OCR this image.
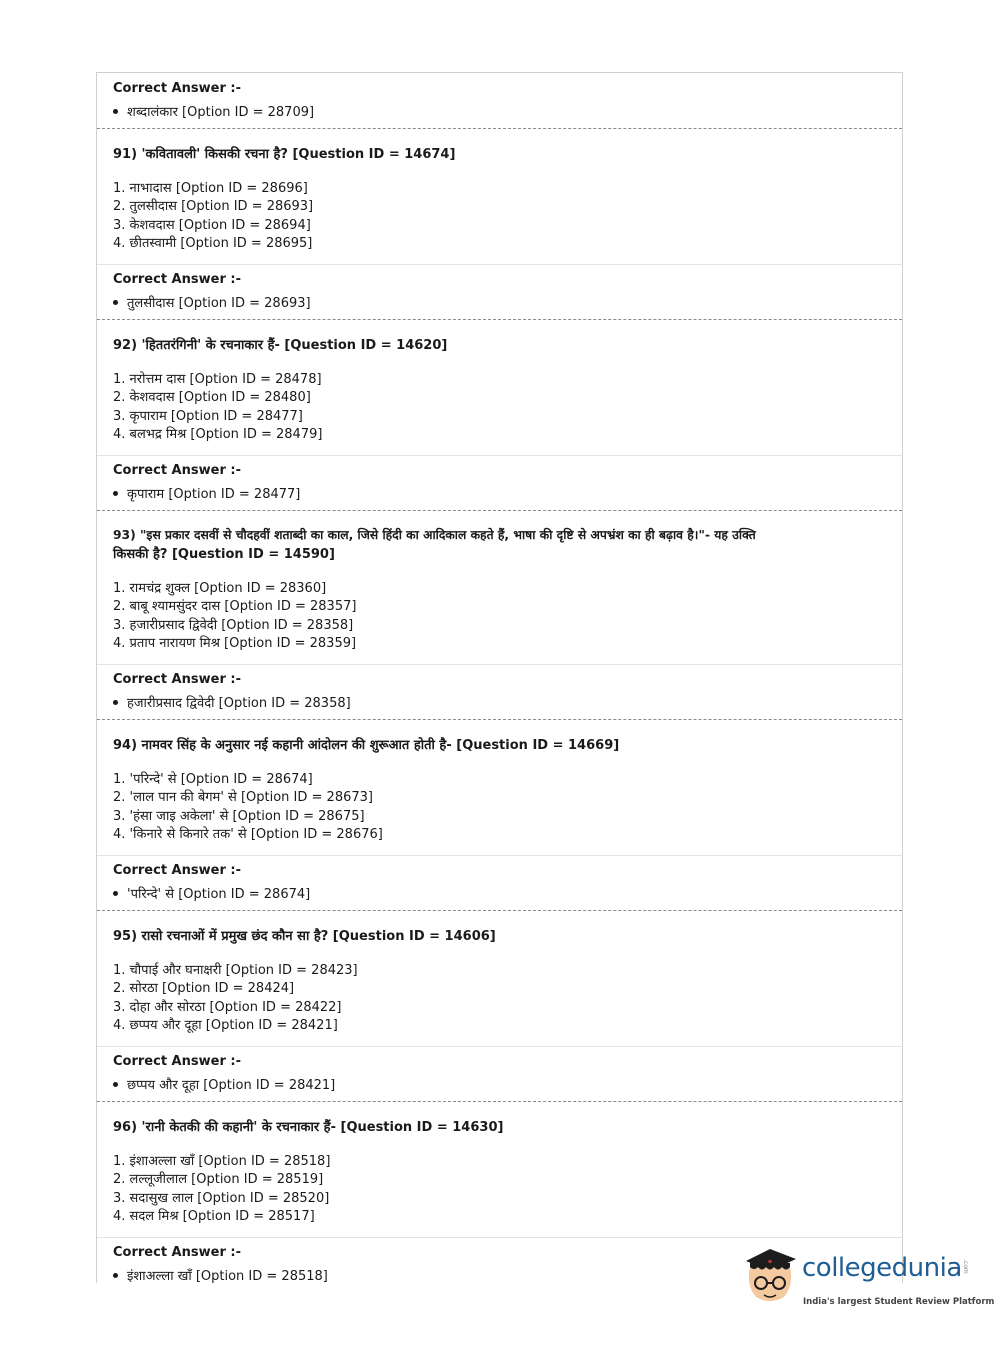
Correct Answer :-
शब्दालंकार [Option ID = 28709]
91) 'कवितावली' किसकी रचना है? [Question ID = 14674]
1. नाभादास [Option ID = 28696]
2. तुलसीदास [Option ID = 28693]
3. केशवदास [Option ID = 28694]
4. छीतस्वामी [Option ID = 28695]
Correct Answer :-
तुलसीदास [Option ID = 28693]
92) 'हिततरंगिनी' के रचनाकार हैं- [Question ID = 14620]
1. नरोत्तम दास [Option ID = 28478]
2. केशवदास [Option ID = 28480]
3. कृपाराम [Option ID = 28477]
4. बलभद्र मिश्र [Option ID = 28479]
Correct Answer :-
कृपाराम [Option ID = 28477]
93) "इस प्रकार दसवीं से चौदहवीं शताब्दी का काल, जिसे हिंदी का आदिकाल कहते हैं, भाषा की दृष्टि से अपभ्रंश का ही बढ़ाव है।"- यह उक्ति
किसकी है? [Question ID = 14590]
1. रामचंद्र शुक्ल [Option ID = 28360]
2. बाबू श्यामसुंदर दास [Option ID = 28357]
3. हजारीप्रसाद द्विवेदी [Option ID = 28358]
4. प्रताप नारायण मिश्र [Option ID = 28359]
Correct Answer :-
हजारीप्रसाद द्विवेदी [Option ID = 28358]
94) नामवर सिंह के अनुसार नई कहानी आंदोलन की शुरूआत होती है- [Question ID = 14669]
1. 'परिन्दे' से [Option ID = 28674]
2. 'लाल पान की बेगम' से [Option ID = 28673]
3. 'हंसा जाइ अकेला' से [Option ID = 28675]
4. 'किनारे से किनारे तक' से [Option ID = 28676]
Correct Answer :-
'परिन्दे' से [Option ID = 28674]
95) रासो रचनाओं में प्रमुख छंद कौन सा है? [Question ID = 14606]
1. चौपाई और घनाक्षरी [Option ID = 28423]
2. सोरठा [Option ID = 28424]
3. दोहा और सोरठा [Option ID = 28422]
4. छप्पय और दूहा [Option ID = 28421]
Correct Answer :-
छप्पय और दूहा [Option ID = 28421]
96) 'रानी केतकी की कहानी' के रचनाकार हैं- [Question ID = 14630]
1. इंशाअल्ला खाँ [Option ID = 28518]
2. लल्लूजीलाल [Option ID = 28519]
3. सदासुख लाल [Option ID = 28520]
4. सदल मिश्र [Option ID = 28517]
Correct Answer :-
इंशाअल्ला खाँ [Option ID = 28518]	collegedunia .com
India's largest Student Review Platform
